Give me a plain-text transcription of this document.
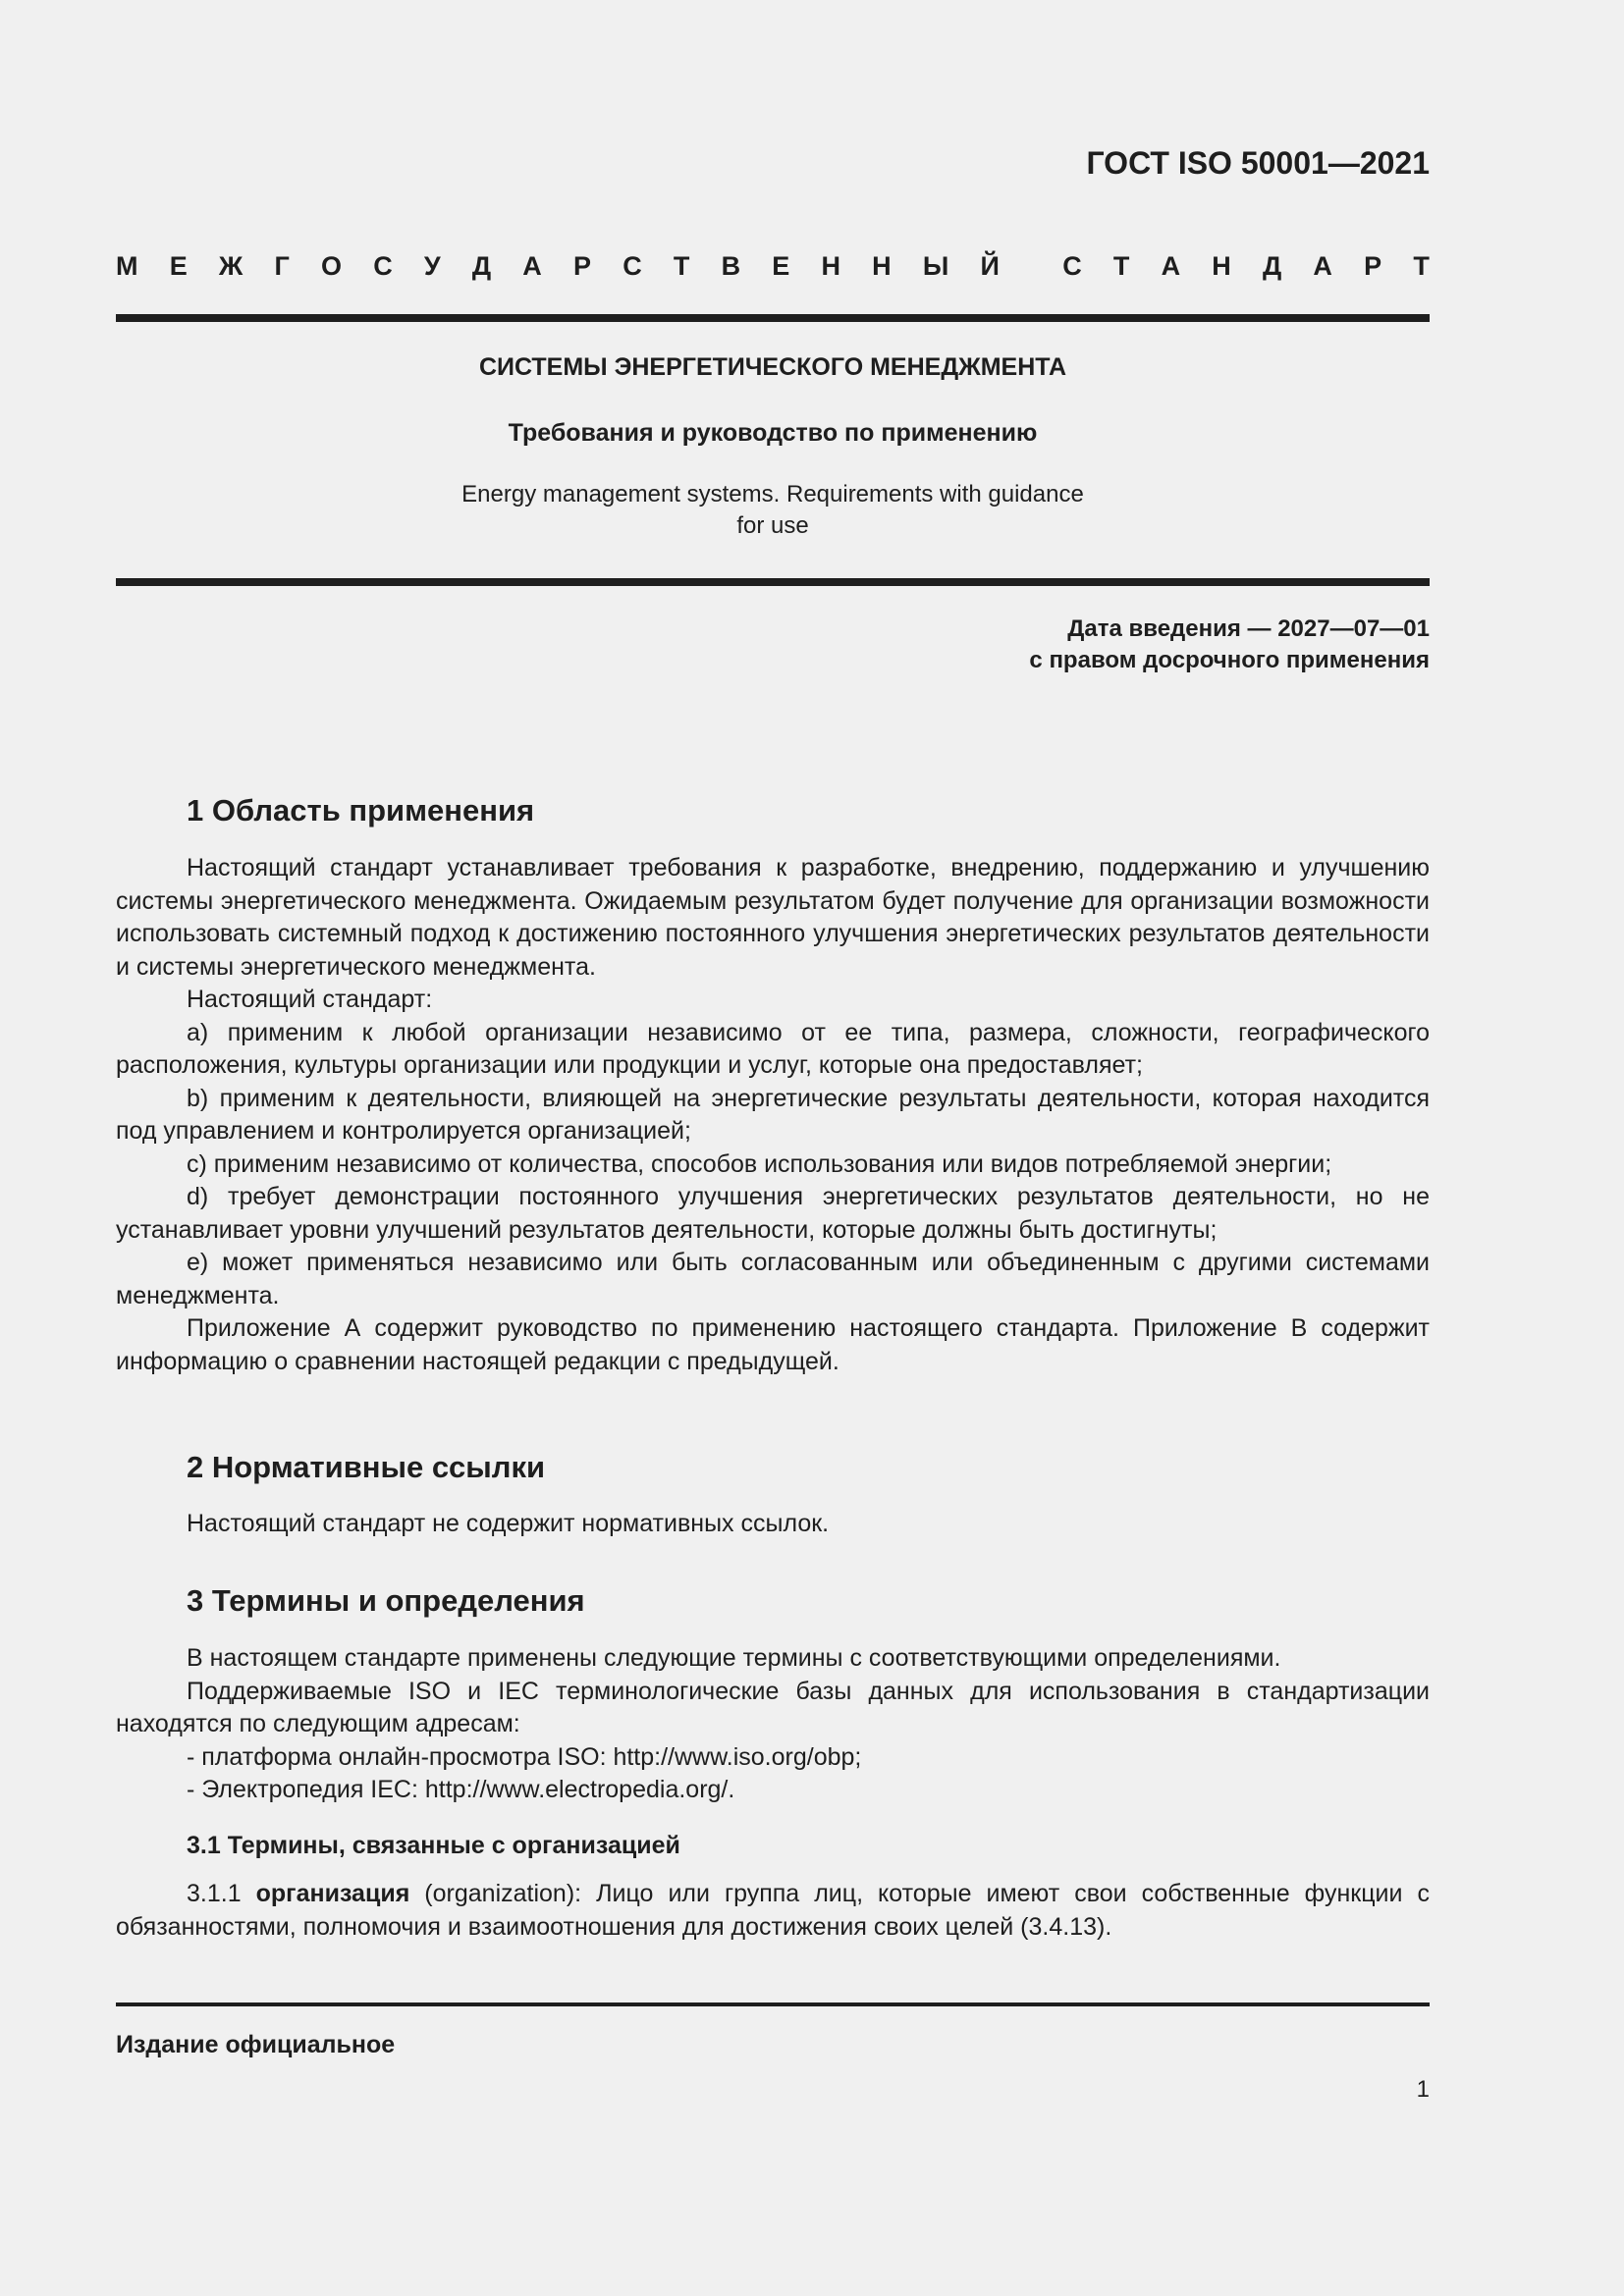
ГОСТ ISO 50001—2021
М Е Ж Г О С У Д А Р С Т В Е Н Н Ы Й С Т А Н Д А Р Т
СИСТЕМЫ ЭНЕРГЕТИЧЕСКОГО МЕНЕДЖМЕНТА
Требования и руководство по применению
Energy management systems. Requirements with guidance
for use
Дата введения — 2027—07—01
с правом досрочного применения
1 Область применения

Настоящий стандарт устанавливает требования к разработке, внедрению, поддержанию и улучшению системы энергетического менеджмента. Ожидаемым результатом будет получение для организации возможности использовать системный подход к достижению постоянного улучшения энергетических результатов деятельности и системы энергетического менеджмента.

Настоящий стандарт:

а) применим к любой организации независимо от ее типа, размера, сложности, географического расположения, культуры организации или продукции и услуг, которые она предоставляет;

b) применим к деятельности, влияющей на энергетические результаты деятельности, которая находится под управлением и контролируется организацией;

c) применим независимо от количества, способов использования или видов потребляемой энергии;

d) требует демонстрации постоянного улучшения энергетических результатов деятельности, но не устанавливает уровни улучшений результатов деятельности, которые должны быть достигнуты;

e) может применяться независимо или быть согласованным или объединенным с другими системами менеджмента.

Приложение А содержит руководство по применению настоящего стандарта. Приложение В содержит информацию о сравнении настоящей редакции с предыдущей.

2 Нормативные ссылки

Настоящий стандарт не содержит нормативных ссылок.

3 Термины и определения

В настоящем стандарте применены следующие термины с соответствующими определениями.

Поддерживаемые ISO и IEC терминологические базы данных для использования в стандартизации находятся по следующим адресам:

- платформа онлайн-просмотра ISO: http://www.iso.org/obp;

- Электропедия IEC: http://www.electropedia.org/.

3.1 Термины, связанные с организацией

3.1.1 организация (organization): Лицо или группа лиц, которые имеют свои собственные функции с обязанностями, полномочия и взаимоотношения для достижения своих целей (3.4.13).

Издание официальное
1
